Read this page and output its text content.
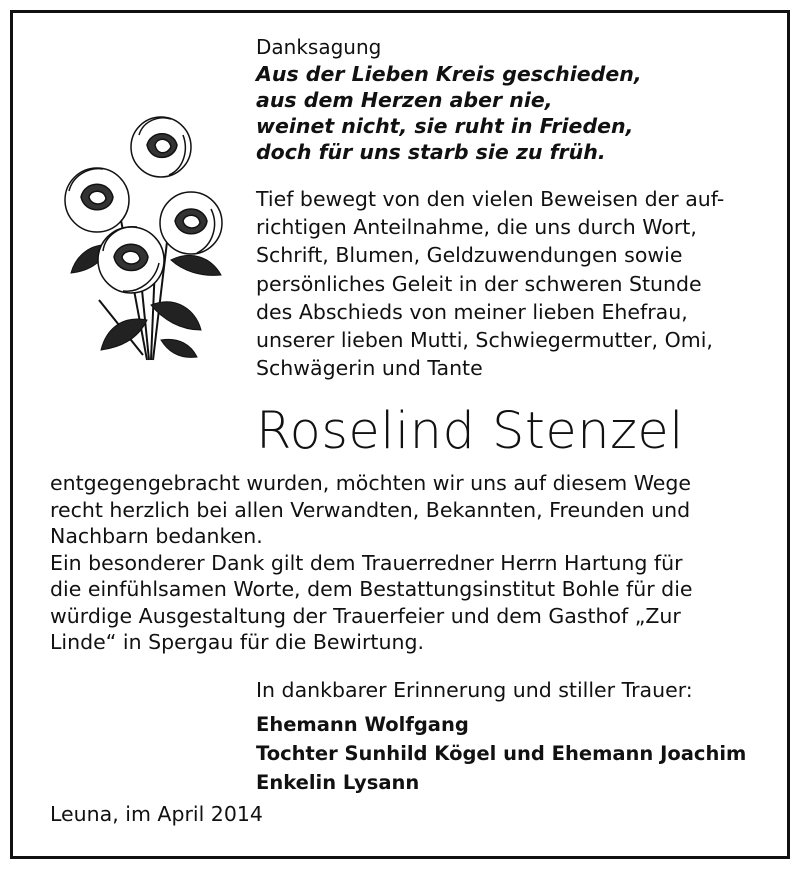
Danksagung
Aus der Lieben Kreis geschieden,
aus dem Herzen aber nie,
weinet nicht, sie ruht in Frieden,
doch für uns starb sie zu früh.
Tief bewegt von den vielen Beweisen der auf-
richtigen Anteilnahme, die uns durch Wort,
Schrift, Blumen, Geldzuwendungen sowie
persönliches Geleit in der schweren Stunde
des Abschieds von meiner lieben Ehefrau,
unserer lieben Mutti, Schwiegermutter, Omi,
Schwägerin und Tante
Roselind Stenzel
entgegengebracht wurden, möchten wir uns auf diesem Wege
recht herzlich bei allen Verwandten, Bekannten, Freunden und
Nachbarn bedanken.
Ein besonderer Dank gilt dem Trauerredner Herrn Hartung für
die einfühlsamen Worte, dem Bestattungsinstitut Bohle für die
würdige Ausgestaltung der Trauerfeier und dem Gasthof „Zur
Linde“ in Spergau für die Bewirtung.
In dankbarer Erinnerung und stiller Trauer:
Ehemann Wolfgang
Tochter Sunhild Kögel und Ehemann Joachim
Enkelin Lysann
Leuna, im April 2014
